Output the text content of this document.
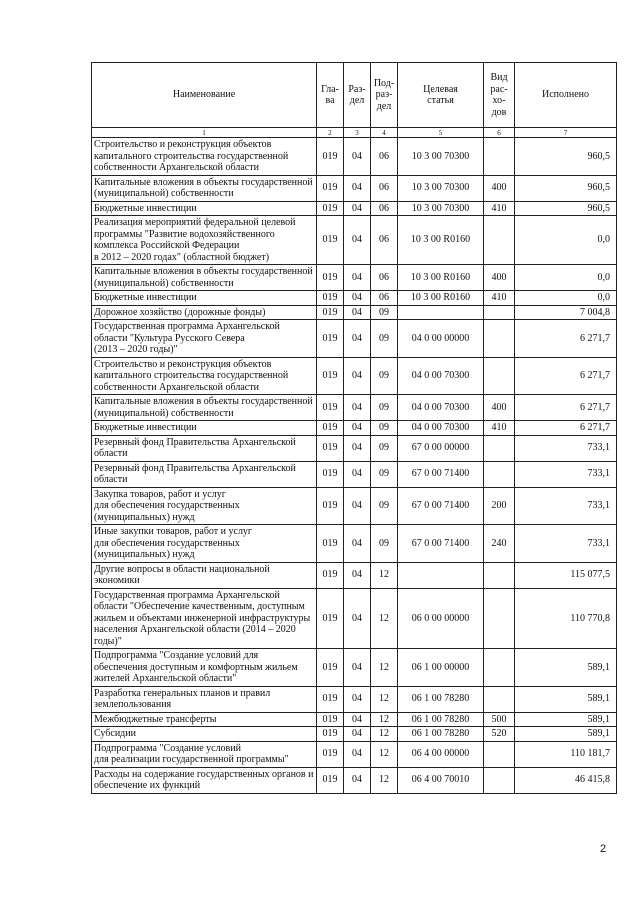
Наименование	Гла-
ва	Раз-
дел	Под-
раз-
дел	Целевая
статья	Вид
рас-
хо-
дов	Исполнено
1	2	3	4	5	6	7
Строительство и реконструкция объектов капитального строительства государственной собственности Архангельской области	019	04	06	10 3 00 70300		960,5
Капитальные вложения в объекты государственной (муниципальной) собственности	019	04	06	10 3 00 70300	400	960,5
Бюджетные инвестиции	019	04	06	10 3 00 70300	410	960,5
Реализация мероприятий федеральной целевой программы "Развитие водохозяйственного комплекса Российской Федерации
в 2012 – 2020 годах" (областной бюджет)	019	04	06	10 3 00 R0160		0,0
Капитальные вложения в объекты государственной (муниципальной) собственности	019	04	06	10 3 00 R0160	400	0,0
Бюджетные инвестиции	019	04	06	10 3 00 R0160	410	0,0
Дорожное хозяйство (дорожные фонды)	019	04	09			7 004,8
Государственная программа Архангельской области "Культура Русского Севера
(2013 – 2020 годы)"	019	04	09	04 0 00 00000		6 271,7
Строительство и реконструкция объектов капитального строительства государственной собственности Архангельской области	019	04	09	04 0 00 70300		6 271,7
Капитальные вложения в объекты государственной (муниципальной) собственности	019	04	09	04 0 00 70300	400	6 271,7
Бюджетные инвестиции	019	04	09	04 0 00 70300	410	6 271,7
Резервный фонд Правительства Архангельской области	019	04	09	67 0 00 00000		733,1
Резервный фонд Правительства Архангельской области	019	04	09	67 0 00 71400		733,1
Закупка товаров, работ и услуг
для обеспечения государственных (муниципальных) нужд	019	04	09	67 0 00 71400	200	733,1
Иные закупки товаров, работ и услуг
для обеспечения государственных (муниципальных) нужд	019	04	09	67 0 00 71400	240	733,1
Другие вопросы в области национальной экономики	019	04	12			115 077,5
Государственная программа Архангельской области "Обеспечение качественным, доступным жильем и объектами инженерной инфраструктуры населения Архангельской области (2014 – 2020 годы)"	019	04	12	06 0 00 00000		110 770,8
Подпрограмма "Создание условий для обеспечения доступным и комфортным жильем жителей Архангельской области"	019	04	12	06 1 00 00000		589,1
Разработка генеральных планов и правил землепользования	019	04	12	06 1 00 78280		589,1
Межбюджетные трансферты	019	04	12	06 1 00 78280	500	589,1
Субсидии	019	04	12	06 1 00 78280	520	589,1
Подпрограмма "Создание условий
для реализации государственной программы"	019	04	12	06 4 00 00000		110 181,7
Расходы на содержание государственных органов и обеспечение их функций	019	04	12	06 4 00 70010		46 415,8
2
